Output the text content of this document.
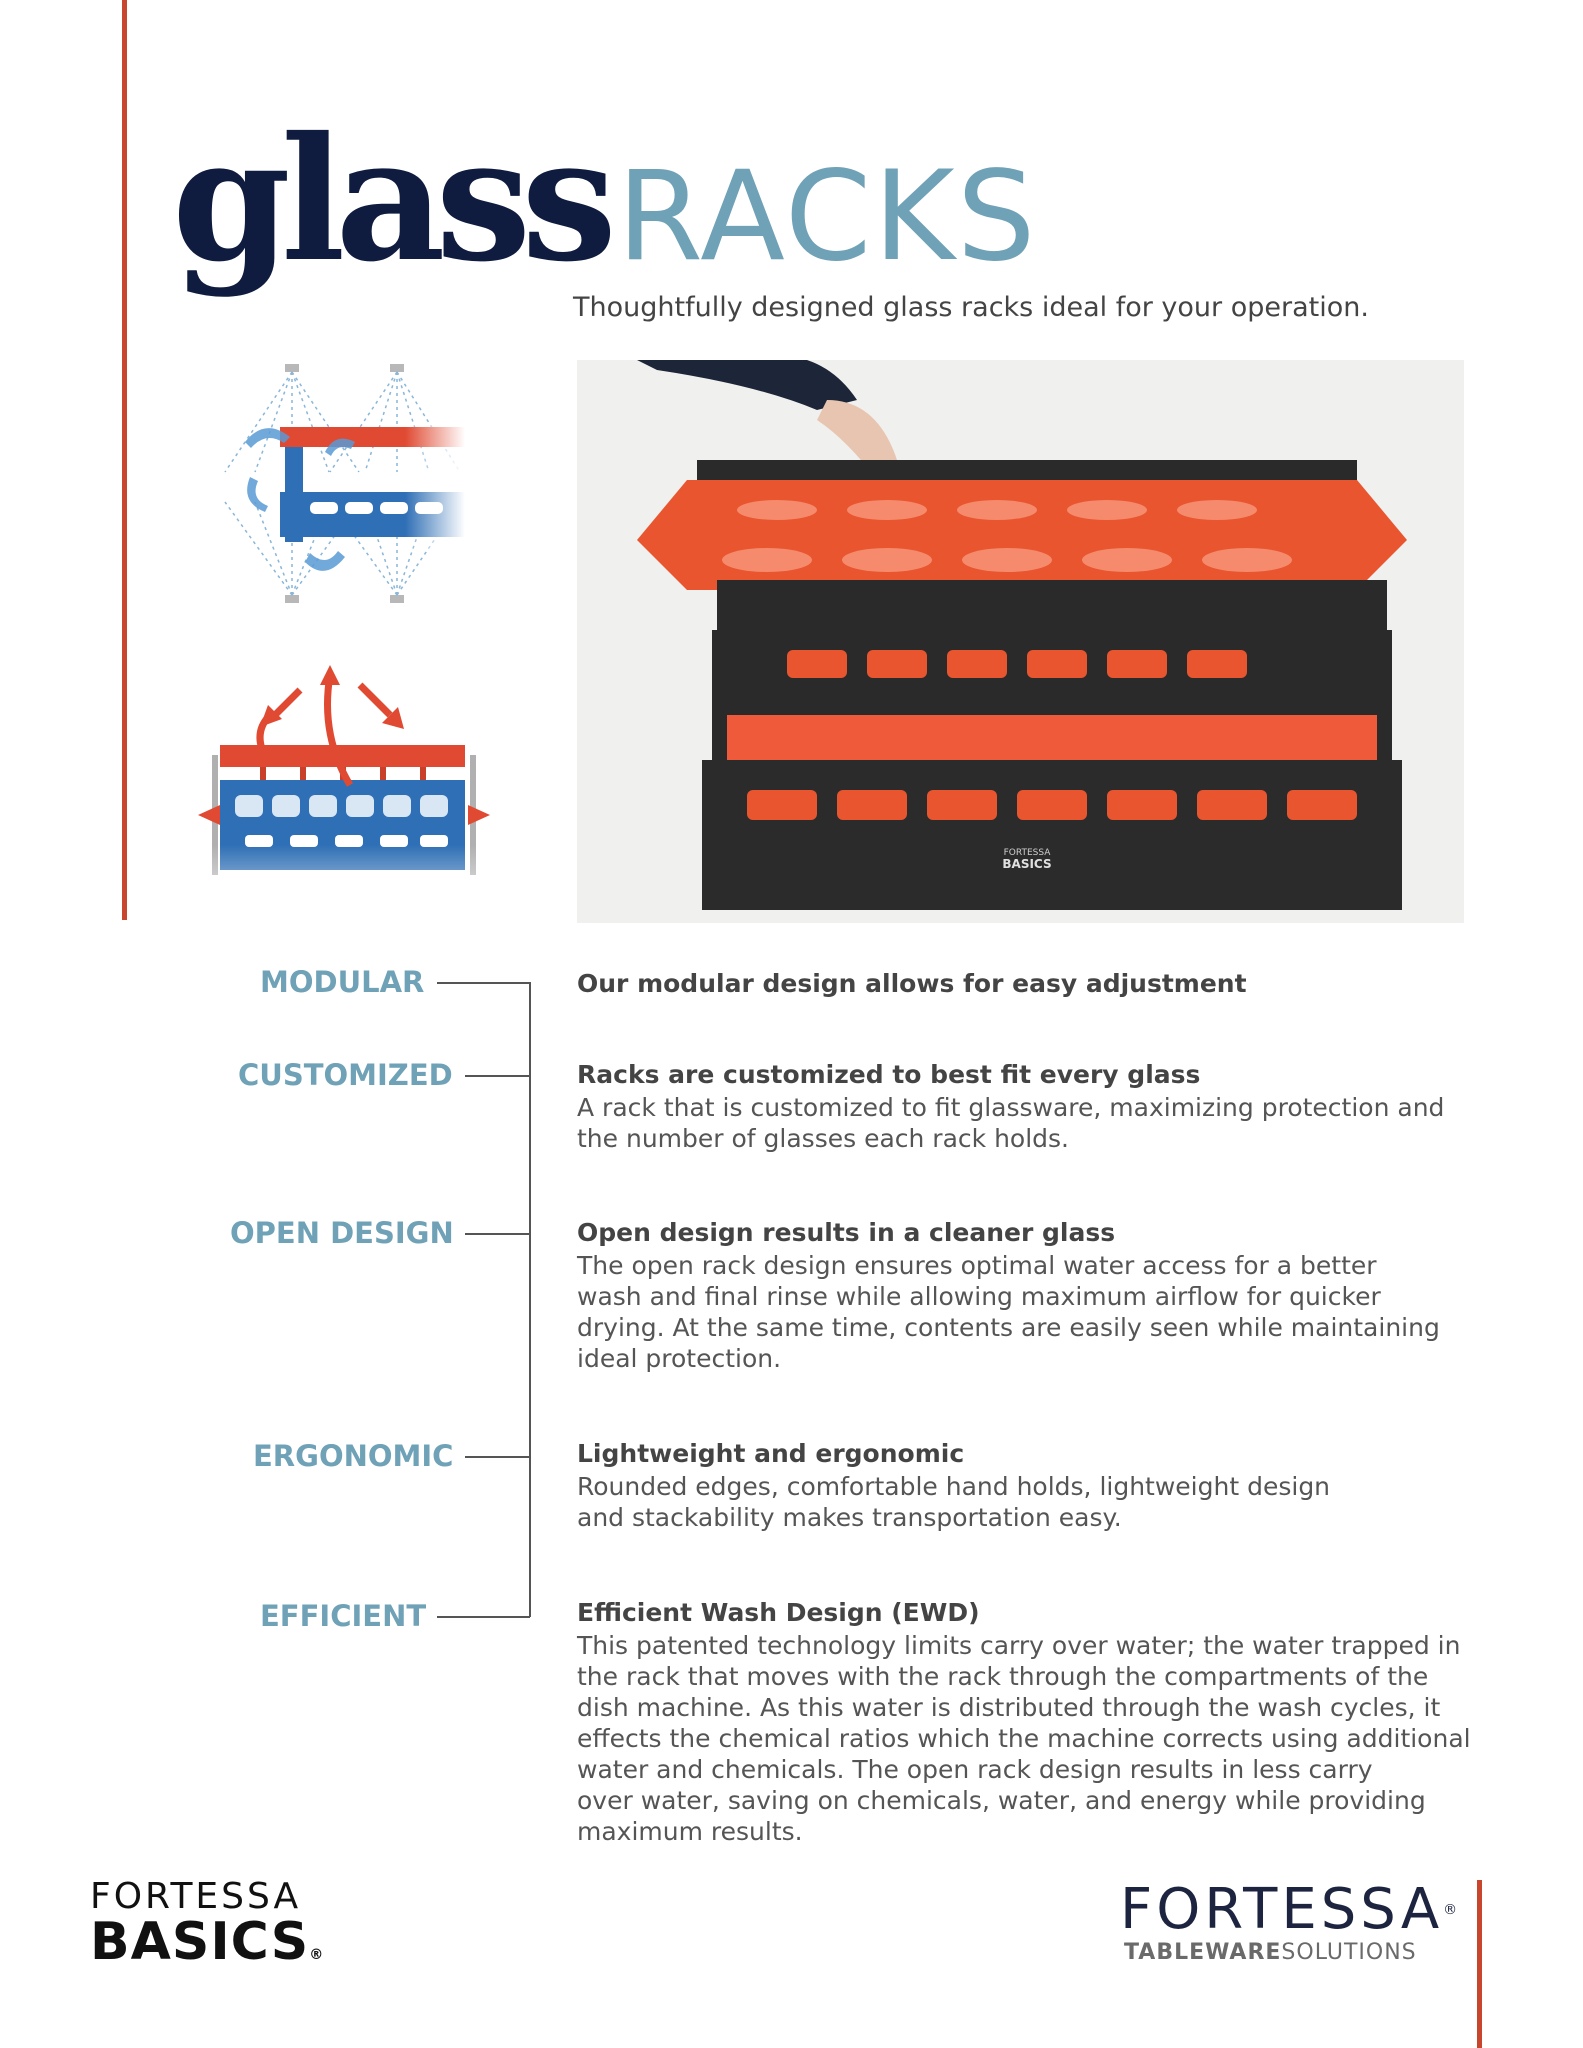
glassRACKS
Thoughtfully designed glass racks ideal for your operation.
FORTESSA
BASICS
MODULAR
CUSTOMIZED
OPEN DESIGN
ERGONOMIC
EFFICIENT

Our modular design allows for easy adjustment

Racks are customized to best fit every glass

A rack that is customized to fit glassware, maximizing protection and
the number of glasses each rack holds.

Open design results in a cleaner glass

The open rack design ensures optimal water access for a better
wash and final rinse while allowing maximum airflow for quicker
drying. At the same time, contents are easily seen while maintaining
ideal protection.

Lightweight and ergonomic

Rounded edges, comfortable hand holds, lightweight design
and stackability makes transportation easy.

Efficient Wash Design (EWD)

This patented technology limits carry over water; the water trapped in
the rack that moves with the rack through the compartments of the
dish machine. As this water is distributed through the wash cycles, it
effects the chemical ratios which the machine corrects using additional
water and chemicals. The open rack design results in less carry
over water, saving on chemicals, water, and energy while providing
maximum results.

FORTESSA
BASICS®
FORTESSA®
TABLEWARESOLUTIONS
